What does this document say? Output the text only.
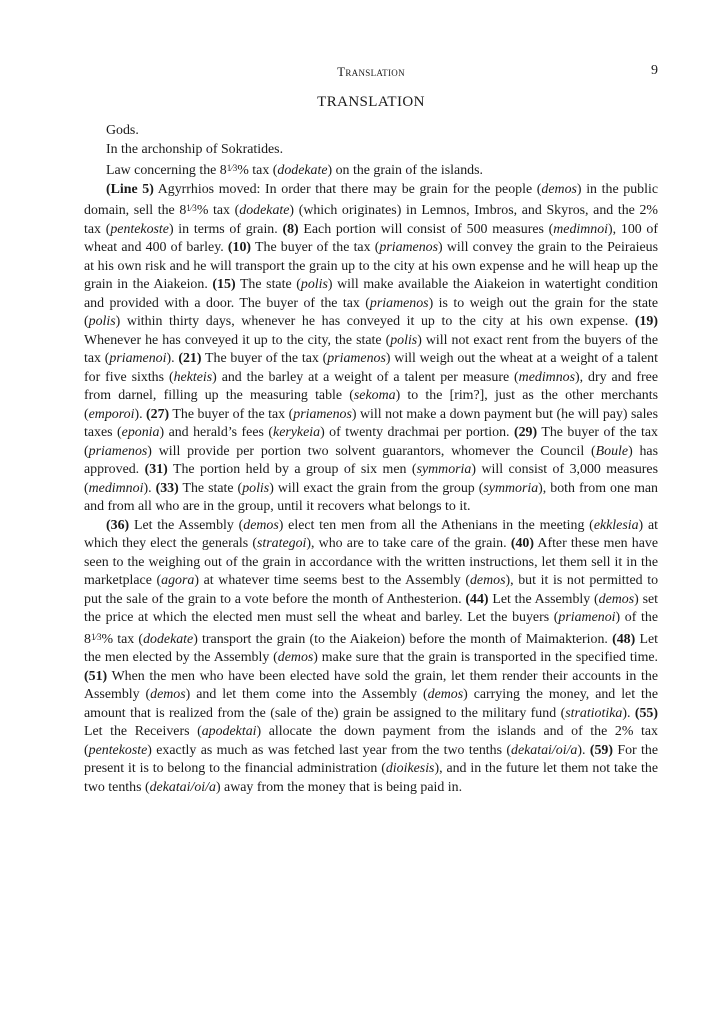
Translation	9
TRANSLATION

Gods.

In the archonship of Sokratides.

Law concerning the $8^{1⁄3}\%$ tax (dodekate) on the grain of the islands.

(Line 5) Agyrrhios moved: In order that there may be grain for the people (demos) in the public domain, sell the $8^{1⁄3}\%$ tax (dodekate) (which originates) in Lemnos, Imbros, and Skyros, and the 2% tax (pentekoste) in terms of grain. (8) Each portion will consist of 500 measures (medimnoi), 100 of wheat and 400 of barley. (10) The buyer of the tax (priamenos) will convey the grain to the Peiraieus at his own risk and he will transport the grain up to the city at his own expense and he will heap up the grain in the Aiakeion. (15) The state (polis) will make available the Aiakeion in watertight condition and provided with a door. The buyer of the tax (priamenos) is to weigh out the grain for the state (polis) within thirty days, whenever he has conveyed it up to the city at his own expense. (19) Whenever he has conveyed it up to the city, the state (polis) will not exact rent from the buyers of the tax (priamenoi). (21) The buyer of the tax (priamenos) will weigh out the wheat at a weight of a talent for five sixths (hekteis) and the barley at a weight of a talent per measure (medimnos), dry and free from darnel, filling up the measuring table (sekoma) to the [rim?], just as the other merchants (emporoi). (27) The buyer of the tax (priamenos) will not make a down payment but (he will pay) sales taxes (eponia) and herald’s fees (kerykeia) of twenty drachmai per portion. (29) The buyer of the tax (priamenos) will provide per portion two solvent guarantors, whomever the Council (Boule) has approved. (31) The portion held by a group of six men (symmoria) will consist of 3,000 measures (medimnoi). (33) The state (polis) will exact the grain from the group (symmoria), both from one man and from all who are in the group, until it recovers what belongs to it.

(36) Let the Assembly (demos) elect ten men from all the Athenians in the meeting (ekklesia) at which they elect the generals (strategoi), who are to take care of the grain. (40) After these men have seen to the weighing out of the grain in accordance with the written instructions, let them sell it in the marketplace (agora) at whatever time seems best to the Assembly (demos), but it is not permitted to put the sale of the grain to a vote before the month of Anthesterion. (44) Let the Assembly (demos) set the price at which the elected men must sell the wheat and barley. Let the buyers (priamenoi) of the $8^{1⁄3}\%$ tax (dodekate) transport the grain (to the Aiakeion) before the month of Maimakterion. (48) Let the men elected by the Assembly (demos) make sure that the grain is transported in the specified time. (51) When the men who have been elected have sold the grain, let them render their accounts in the Assembly (demos) and let them come into the Assembly (demos) carrying the money, and let the amount that is realized from the (sale of the) grain be assigned to the military fund (stratiotika). (55) Let the Receivers (apodektai) allocate the down payment from the islands and of the 2% tax (pentekoste) exactly as much as was fetched last year from the two tenths (dekatai/oi/a). (59) For the present it is to belong to the financial administration (dioikesis), and in the future let them not take the two tenths (dekatai/oi/a) away from the money that is being paid in.
